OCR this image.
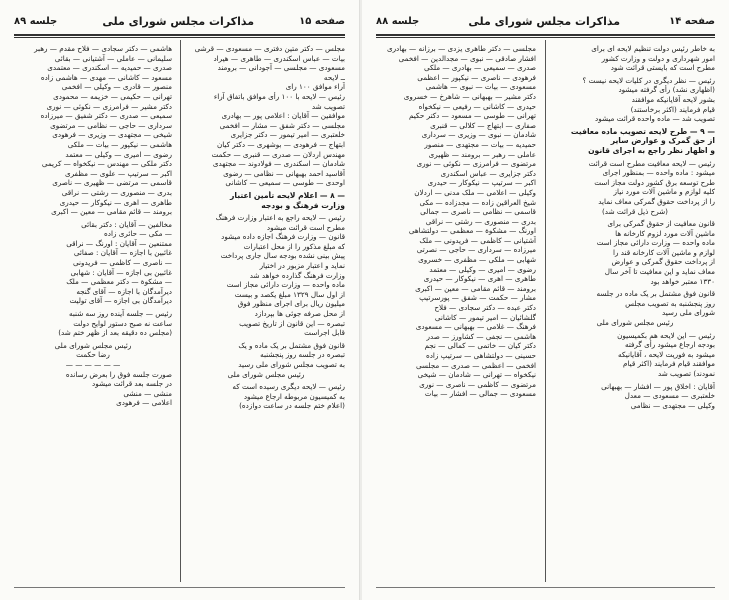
صفحه ۱۵
مذاکرات مجلس شورای ملی
جلسه ۸۹
مجلس — دکتر متین دفتری — مسعودی — قرشی
بیات — عباس اسکندری — طاهری — هیراد
مسعودی — مجلسی — آجودانی — برومند
ــ لایحه
آراء موافق ۱۰۰ رای
رئیس — لایحه با ۱۰۰ رأی موافق باتفاق آراء
تصویب شد
موافقین — آقایان : اعلامی پور — بهادری
مجلسی — دکتر شفق — مشار — افخمی
خلعتبری — امیر تیمور — دکتر جزایری
ابتهاج — فرهودی — بوشهری — دکتر کیان
مهندس اردلان — صدری — قنبری — حکمت
شادمان — اسکندری — فولادوند — مجتهدی
آقاسید احمد بهبهانی — نظامی — رضوی
اوحدی — طوسی — سمیعی — کاشانی
— ۸ — اعلام لایحه تأمین اعتبار
وزارت فرهنگ و بودجه
رئیس — لایحه راجع به اعتبار وزارت فرهنگ
مطرح است قرائت میشود
قانون — وزارت فرهنگ اجازه داده میشود
که مبلغ مذکور را از محل اعتبارات
پیش بینی نشده بودجه سال جاری پرداخت
نماید و اعتبار مزبور در اختیار
وزارت فرهنگ گذارده خواهد شد
ماده واحده — وزارت دارائی مجاز است
از اول سال ۱۳۲۹ مبلغ یکصد و بیست
میلیون ریال برای اجرای منظور فوق
از محل صرفه جوئی ها بپردازد
تبصره — این قانون از تاریخ تصویب
قابل اجراست
قانون فوق مشتمل بر یک ماده و یک
تبصره در جلسه روز پنجشنبه
به تصویب مجلس شورای ملی رسید
رئیس مجلس شورای ملی
رئیس — لایحه دیگری رسیده است که
به کمیسیون مربوطه ارجاع میشود
(اعلام ختم جلسه در ساعت دوازده)
هاشمی — دکتر سجادی — فلاح مقدم — رهبر
سلیمانی — عاملی — آشتیانی — بقائی
صدری — حمیدیه — اسکندری — معتمدی
مسعود — کاشانی — مهدی — هاشمی زاده
منصور — قادری — وکیلی — افخمی
تهرانی — حکیمی — خزیمه — محمودی
دکتر مشیر — فرامرزی — نکوئی — نوری
سمیعی — صدری — دکتر شفیق — میرزاده
سرداری — حاجی — نظامی — مرتضوی
شیخی — مجتهدی — وزیری — فرهودی
هاشمی — نیکپور — بیات — ملکی
رضوی — امیری — وکیلی — معتمد
دکتر ملکی — مهندس — نیکخواه — کریمی
اکبر — سرتیپ — علوی — مظفری
قاسمی — مرتضی — ظهیری — ناصری
بدری — منصوری — رشتی — نراقی
طاهری — اهری — نیکوکار — حیدری
برومند — قائم مقامی — معین — اکبری
مخالفین — آقایان : دکتر بقائی
— مکی — حائری زاده
ممتنعین — آقایان : اورنگ — نراقی
غائبین با اجازه — آقایان : صفائی
— ناصری — کاظمی — فریدونی
غائبین بی اجازه — آقایان : شهابی
— مشکوة — دکتر معظمی — ملک
دیرآمدگان با اجازه — آقای گنجه
دیرآمدگان بی اجازه — آقای تولیت
رئیس — جلسه آینده روز سه شنبه
ساعت نه صبح دستور لوایح دولت
(مجلس ده دقیقه بعد از ظهر ختم شد)
رئیس مجلس شورای ملی
رضا حکمت
— — — — — —
صورت جلسه فوق را بعرض رسانده
در جلسه بعد قرائت میشود
منشی — منشی
اعلامی — فرهودی
صفحه ۱۴
مذاکرات مجلس شورای ملی
جلسه ۸۸
به خاطر رئیس دولت تنظیم لایحه ای برای
امور شهرداری و دولت و وزارت کشور
مطرح است که بایستی قرائت شود
رئیس — نظر دیگری در کلیات لایحه نیست ؟
(اظهاری نشد) رأی گرفته میشود
بشور لایحه آقایانیکه موافقند
قیام فرمایند (اکثر برخاستند)
تصویب شد — ماده واحده قرائت میشود
— ۹ — طرح لایحه تصویب ماده معافیت
از حق گمرک و عوارض سایر
و اظهار نظر راجع به اجرای قانون
رئیس — لایحه معافیت مطرح است قرائت
میشود : ماده واحده — بمنظور اجرای
طرح توسعه برق کشور دولت مجاز است
کلیه لوازم و ماشین آلات مورد نیاز
را از پرداخت حقوق گمرکی معاف نماید
(شرح ذیل قرائت شد)
قانون معافیت از حقوق گمرکی برای
ماشین آلات مورد لزوم کارخانه ها
ماده واحده — وزارت دارائی مجاز است
لوازم و ماشین آلات کارخانه قند را
از پرداخت حقوق گمرکی و عوارض
معاف نماید و این معافیت تا آخر سال
۱۳۳۰ معتبر خواهد بود
قانون فوق مشتمل بر یک ماده در جلسه
روز پنجشنبه به تصویب مجلس
شورای ملی رسید
رئیس مجلس شورای ملی
رئیس — این لایحه هم بکمیسیون
بودجه ارجاع میشود رأی گرفته
میشود به فوریت لایحه ، آقایانیکه
موافقند قیام فرمایند (اکثر قیام
نمودند) تصویب شد
آقایان : اخلاق پور — افشار — بهبهانی
خلعتبری — مسعودی — معدل
وکیلی — مجتهدی — نظامی
مجلسی — دکتر طاهری یزدی — برزانه — بهادری
افشار صادقی — نبوی — مجدالدین — افخمی
صدری — سمیعی — بهادری — ملکی
فرهودی — ناصری — نیکپور — اعظمی
مسعودی — بیات — نبوی — هاشمی
دکتر مشیر — بهبهانی — شاهرخ — خسروی
حیدری — کاشانی — رفیعی — نیکخواه
تهرانی — طوسی — مسعود — دکتر حکیم
صفاری — ابتهاج — کلالی — قنبری
شادمان — نبوی — وزیری — سرداری
حمیدیه — بیات — مجتهدی — منصور
عاملی — رهبر — برومند — ظهیری
مرتضوی — فرامرزی — نکوئی — نوری
دکتر جزایری — عباس اسکندری
اکبر — سرتیپ — نیکوکار — حیدری
وکیلی — اعلامی — ملک مدنی — اردلان
شیخ العراقین زاده — مجدزاده — مکی
قاسمی — نظامی — ناصری — جمالی
بدری — منصوری — رشتی — نراقی
اورنگ — مشکوة — معظمی — دولتشاهی
آشتیانی — کاظمی — فریدونی — ملک
میرزاده — سرداری — حاجی — نصرتی
شهابی — ملکی — مظفری — خسروی
رضوی — امیری — وکیلی — معتمد
طاهری — اهری — نیکوکار — حیدری
برومند — قائم مقامی — معین — اکبری
مشار — حکمت — شفق — پورسرتیپ
دکتر عبده — دکتر سجادی — فلاح
گلشائیان — امیر تیمور — کاشانی
فرهنگ — غلامی — بهبهانی — مسعودی
هاشمی — نجفی — کشاورز — صدر
دکتر کیان — خاتمی — کمالی — نجم
حسینی — دولتشاهی — سرتیپ زاده
افخمی — اعظمی — صدری — مجلسی
نیکخواه — تهرانی — شادمان — شیخی
مرتضوی — کاظمی — ناصری — نوری
مسعودی — جمالی — افشار — بیات
